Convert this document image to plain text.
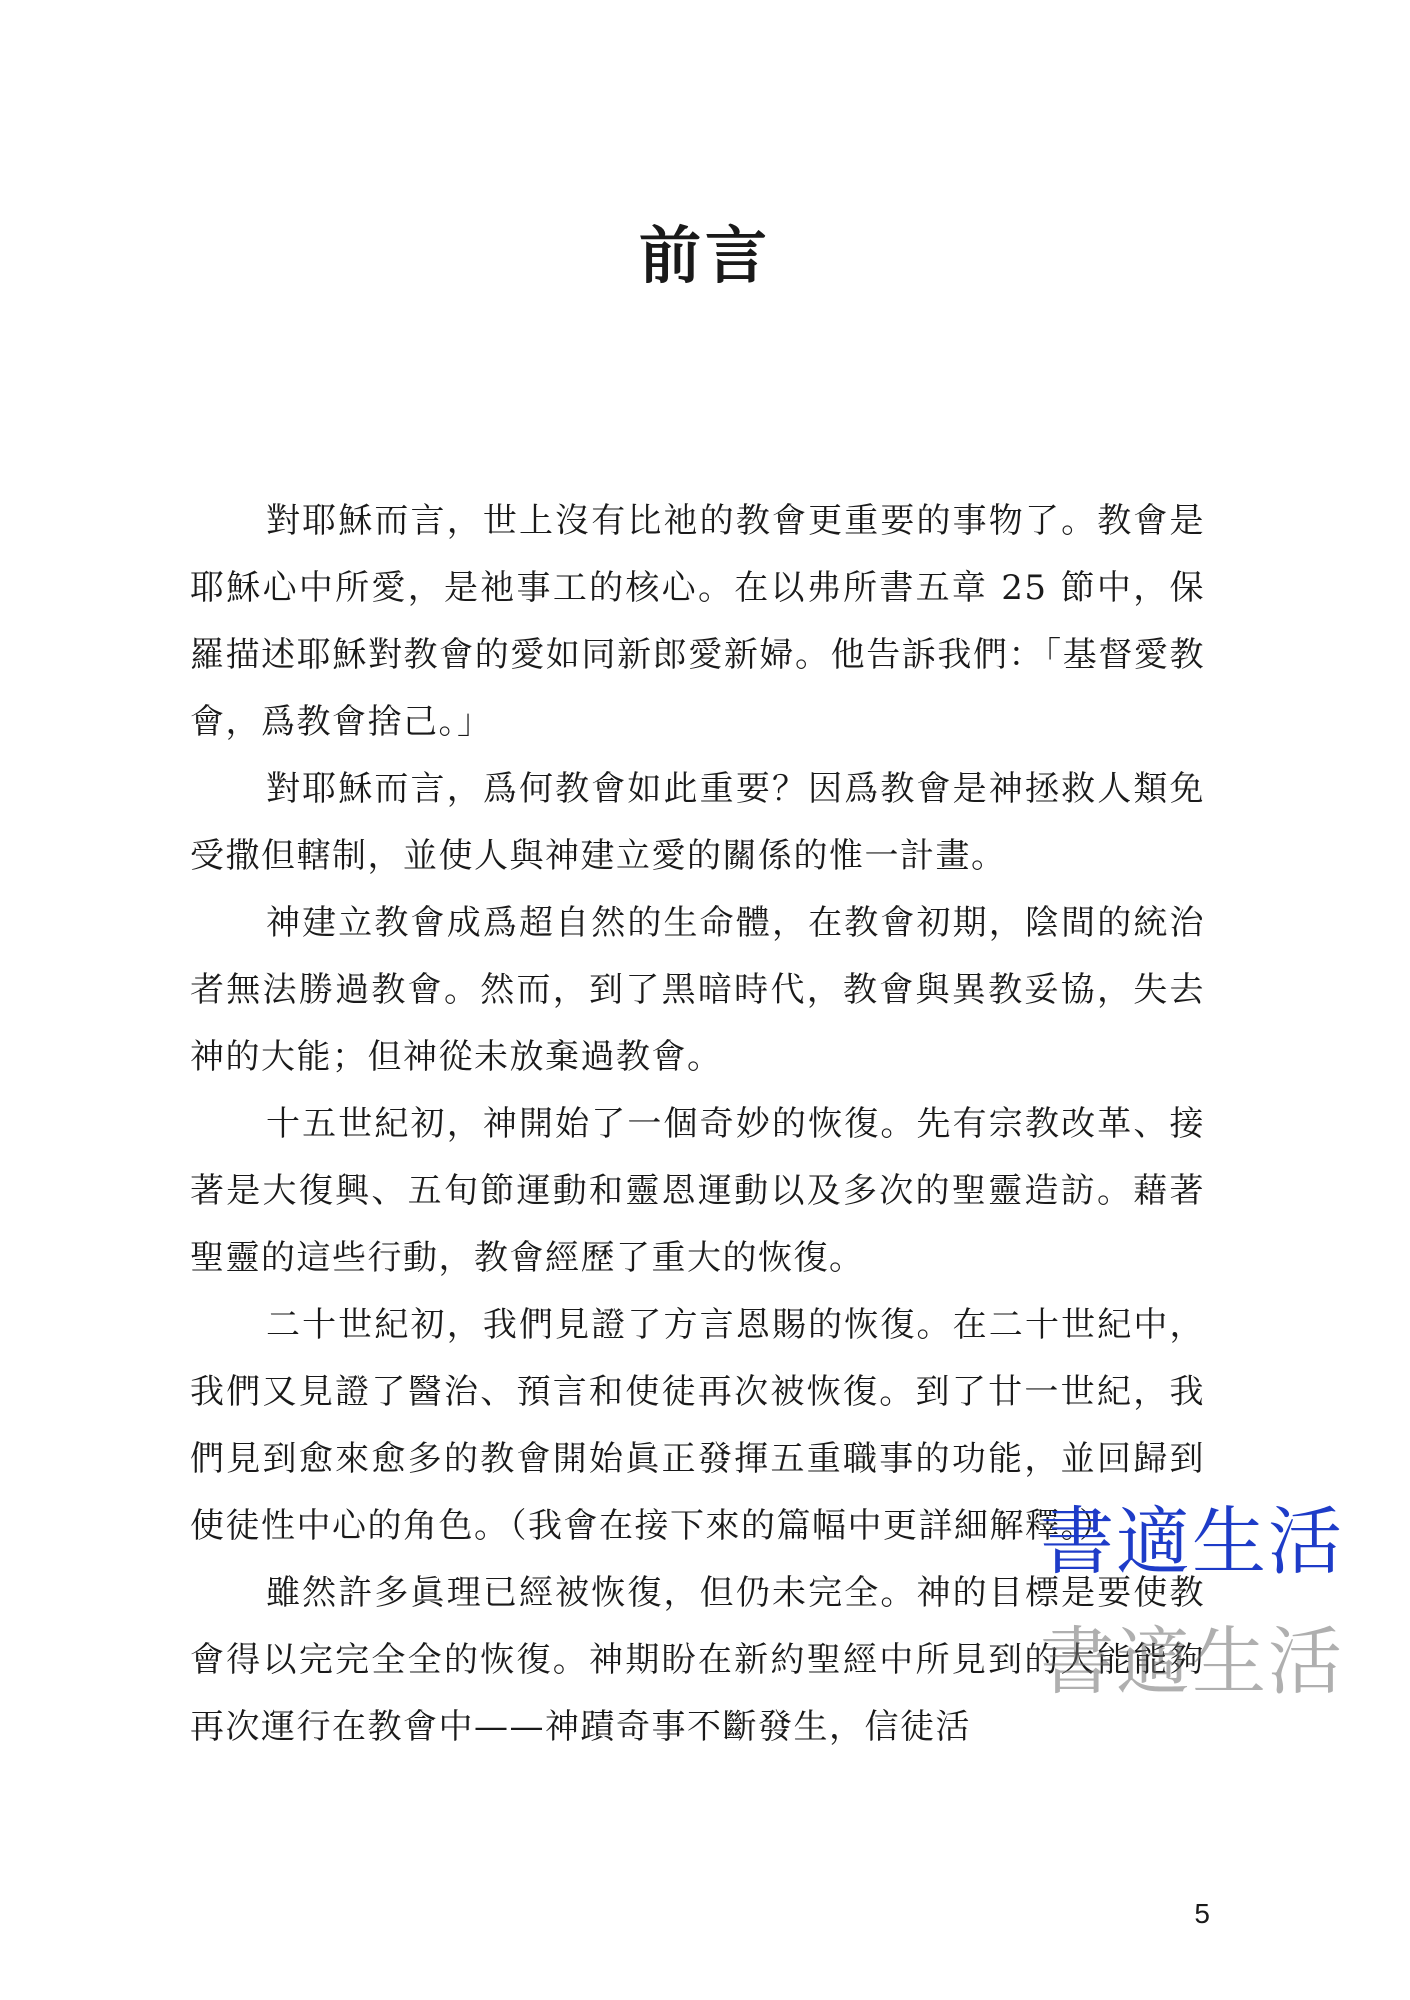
前言

對耶穌而言，世上沒有比祂的教會更重要的事物了。教會是耶穌心中所愛，是祂事工的核心。在以弗所書五章 25 節中，保羅描述耶穌對教會的愛如同新郎愛新婦。他告訴我們：「基督愛教會，爲教會捨己。」

對耶穌而言，爲何教會如此重要？因爲教會是神拯救人類免受撒但轄制，並使人與神建立愛的關係的惟一計畫。

神建立教會成爲超自然的生命體，在教會初期，陰間的統治者無法勝過教會。然而，到了黑暗時代，教會與異教妥協，失去神的大能；但神從未放棄過教會。

十五世紀初，神開始了一個奇妙的恢復。先有宗教改革、接著是大復興、五旬節運動和靈恩運動以及多次的聖靈造訪。藉著聖靈的這些行動，教會經歷了重大的恢復。

二十世紀初，我們見證了方言恩賜的恢復。在二十世紀中，我們又見證了醫治、預言和使徒再次被恢復。到了廿一世紀，我們見到愈來愈多的教會開始眞正發揮五重職事的功能，並回歸到使徒性中心的角色。（我會在接下來的篇幅中更詳細解釋。）

雖然許多眞理已經被恢復，但仍未完全。神的目標是要使教會得以完完全全的恢復。神期盼在新約聖經中所見到的大能能夠再次運行在教會中——神蹟奇事不斷發生，信徒活

書適生活
書適生活
5
